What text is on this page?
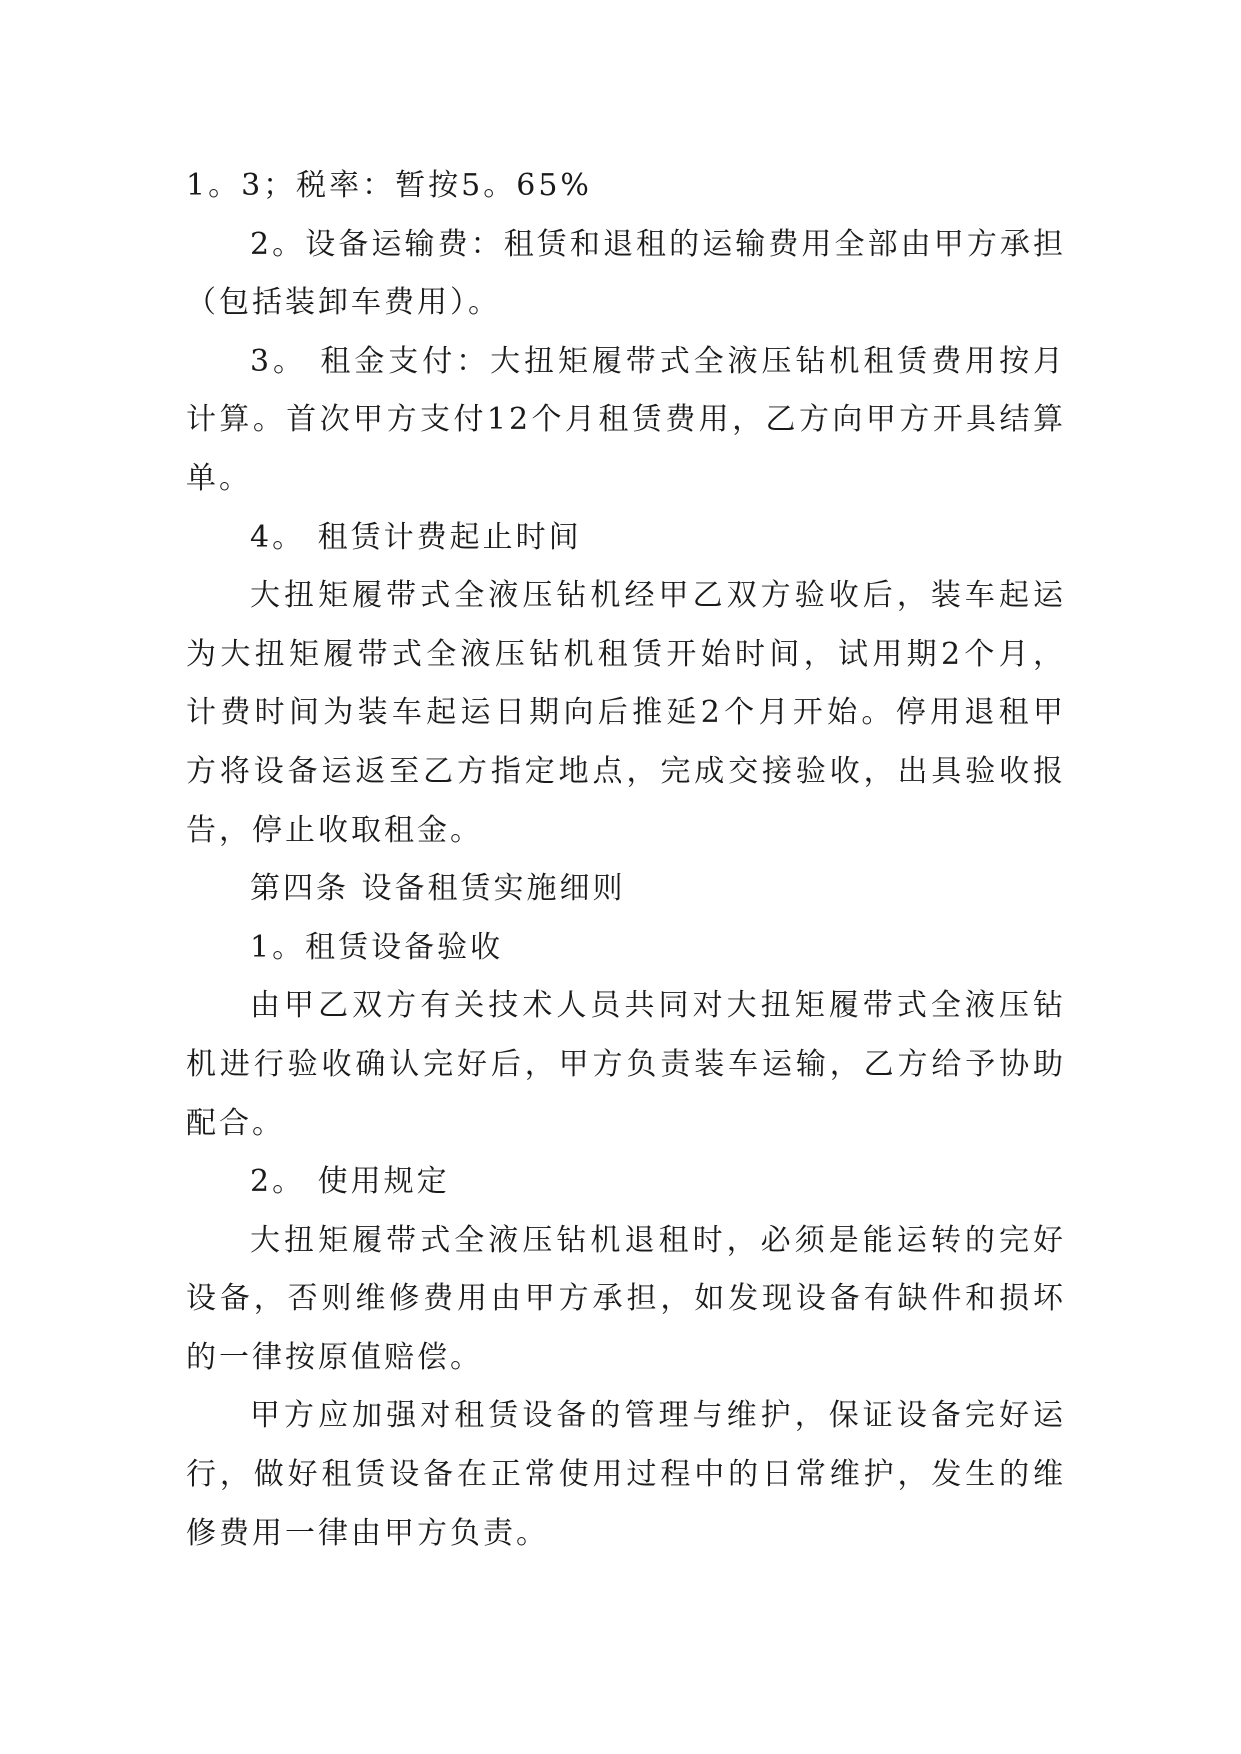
1。3；税率：暂按5。65%

2。设备运输费：租赁和退租的运输费用全部由甲方承担（包括装卸车费用）。

3。 租金支付：大扭矩履带式全液压钻机租赁费用按月计算。首次甲方支付12个月租赁费用，乙方向甲方开具结算单。

4。 租赁计费起止时间

大扭矩履带式全液压钻机经甲乙双方验收后，装车起运为大扭矩履带式全液压钻机租赁开始时间，试用期2个月，计费时间为装车起运日期向后推延2个月开始。停用退租甲方将设备运返至乙方指定地点，完成交接验收，出具验收报告，停止收取租金。

第四条 设备租赁实施细则

1。租赁设备验收

由甲乙双方有关技术人员共同对大扭矩履带式全液压钻机进行验收确认完好后，甲方负责装车运输，乙方给予协助配合。

2。 使用规定

大扭矩履带式全液压钻机退租时，必须是能运转的完好设备，否则维修费用由甲方承担，如发现设备有缺件和损坏的一律按原值赔偿。

甲方应加强对租赁设备的管理与维护，保证设备完好运行，做好租赁设备在正常使用过程中的日常维护，发生的维修费用一律由甲方负责。
